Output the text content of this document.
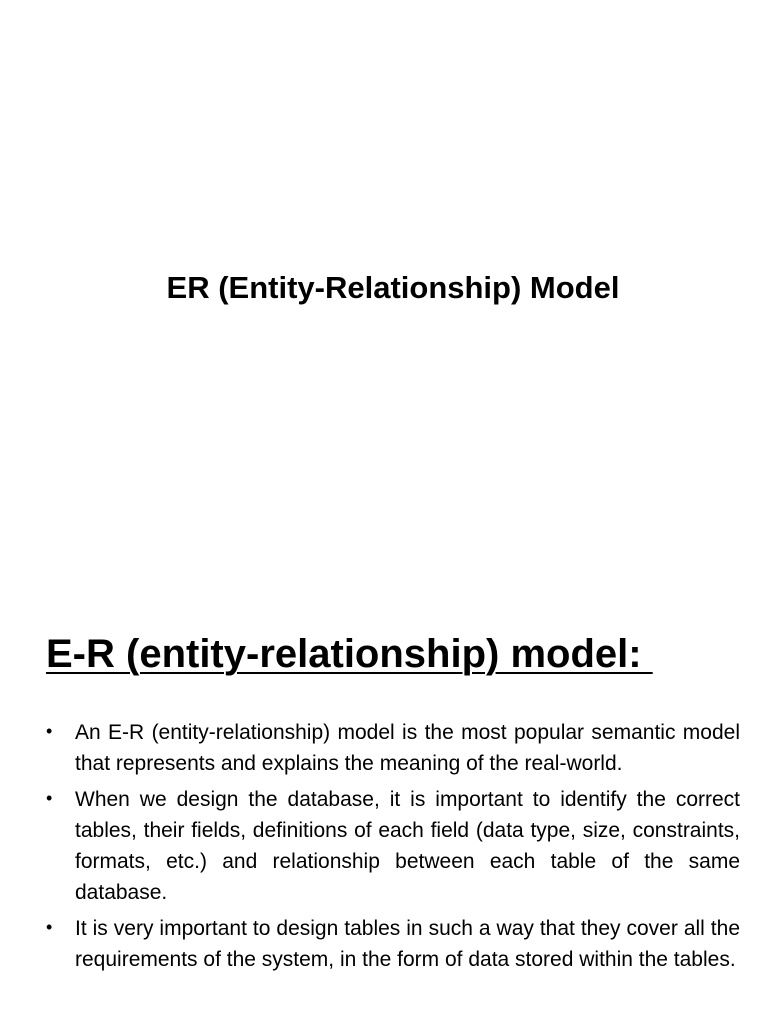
ER (Entity-Relationship) Model
E-R (entity-relationship) model:
• An E-R (entity-relationship) model is the most popular semantic model that represents and explains the meaning of the real-world.
• When we design the database, it is important to identify the correct tables, their fields, definitions of each field (data type, size, constraints, formats, etc.) and relationship between each table of the same database.
• It is very important to design tables in such a way that they cover all the requirements of the system, in the form of data stored within the tables.
